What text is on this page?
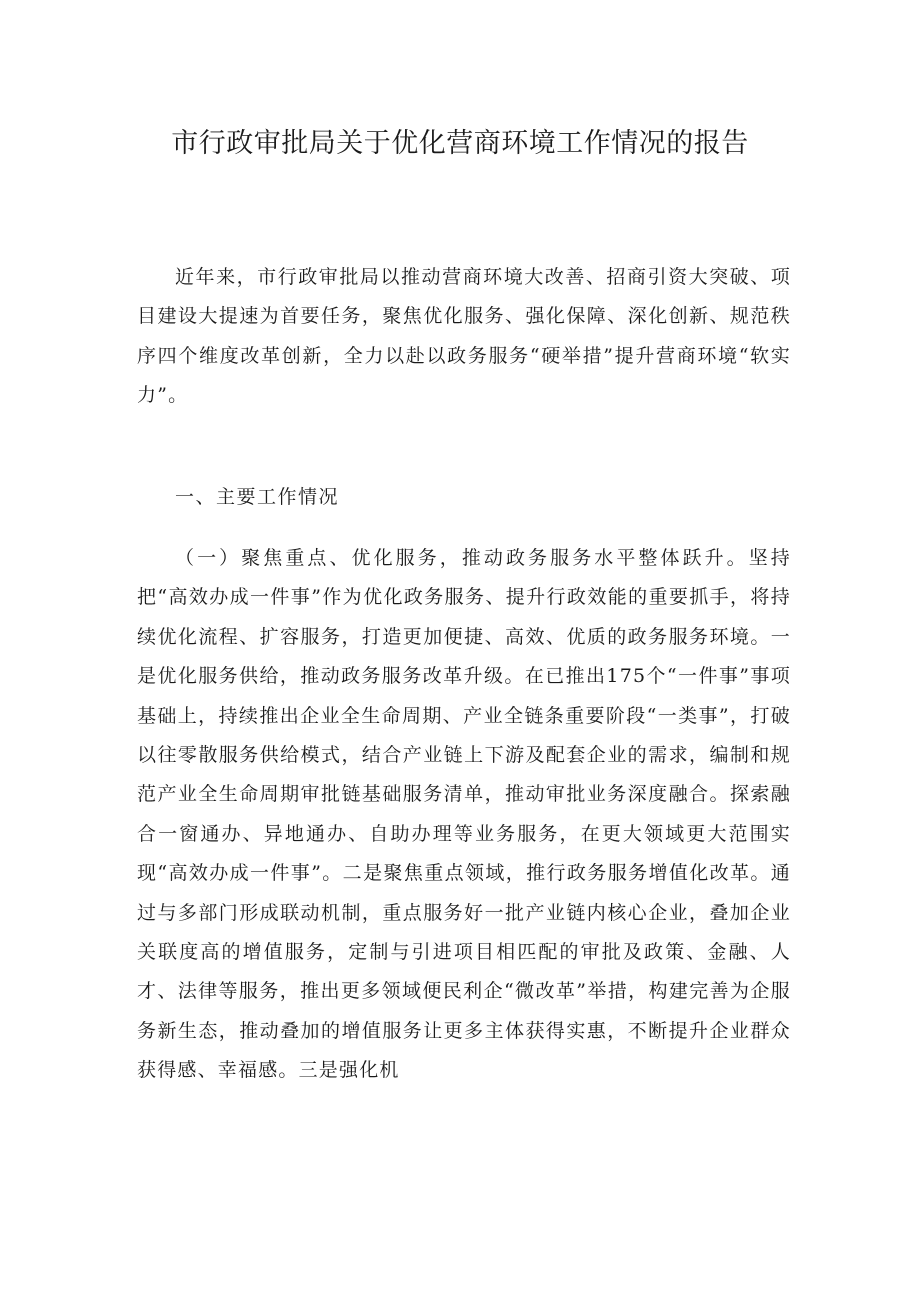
市行政审批局关于优化营商环境工作情况的报告

近年来，市行政审批局以推动营商环境大改善、招商引资大突破、项目建设大提速为首要任务，聚焦优化服务、强化保障、深化创新、规范秩序四个维度改革创新，全力以赴以政务服务“硬举措”提升营商环境“软实力”。

一、主要工作情况

（一）聚焦重点、优化服务，推动政务服务水平整体跃升。坚持把“高效办成一件事”作为优化政务服务、提升行政效能的重要抓手，将持续优化流程、扩容服务，打造更加便捷、高效、优质的政务服务环境。一是优化服务供给，推动政务服务改革升级。在已推出175个“一件事”事项基础上，持续推出企业全生命周期、产业全链条重要阶段“一类事”，打破以往零散服务供给模式，结合产业链上下游及配套企业的需求，编制和规范产业全生命周期审批链基础服务清单，推动审批业务深度融合。探索融合一窗通办、异地通办、自助办理等业务服务，在更大领域更大范围实现“高效办成一件事”。二是聚焦重点领域，推行政务服务增值化改革。通过与多部门形成联动机制，重点服务好一批产业链内核心企业，叠加企业关联度高的增值服务，定制与引进项目相匹配的审批及政策、金融、人才、法律等服务，推出更多领域便民利企“微改革”举措，构建完善为企服务新生态，推动叠加的增值服务让更多主体获得实惠，不断提升企业群众获得感、幸福感。三是强化机
